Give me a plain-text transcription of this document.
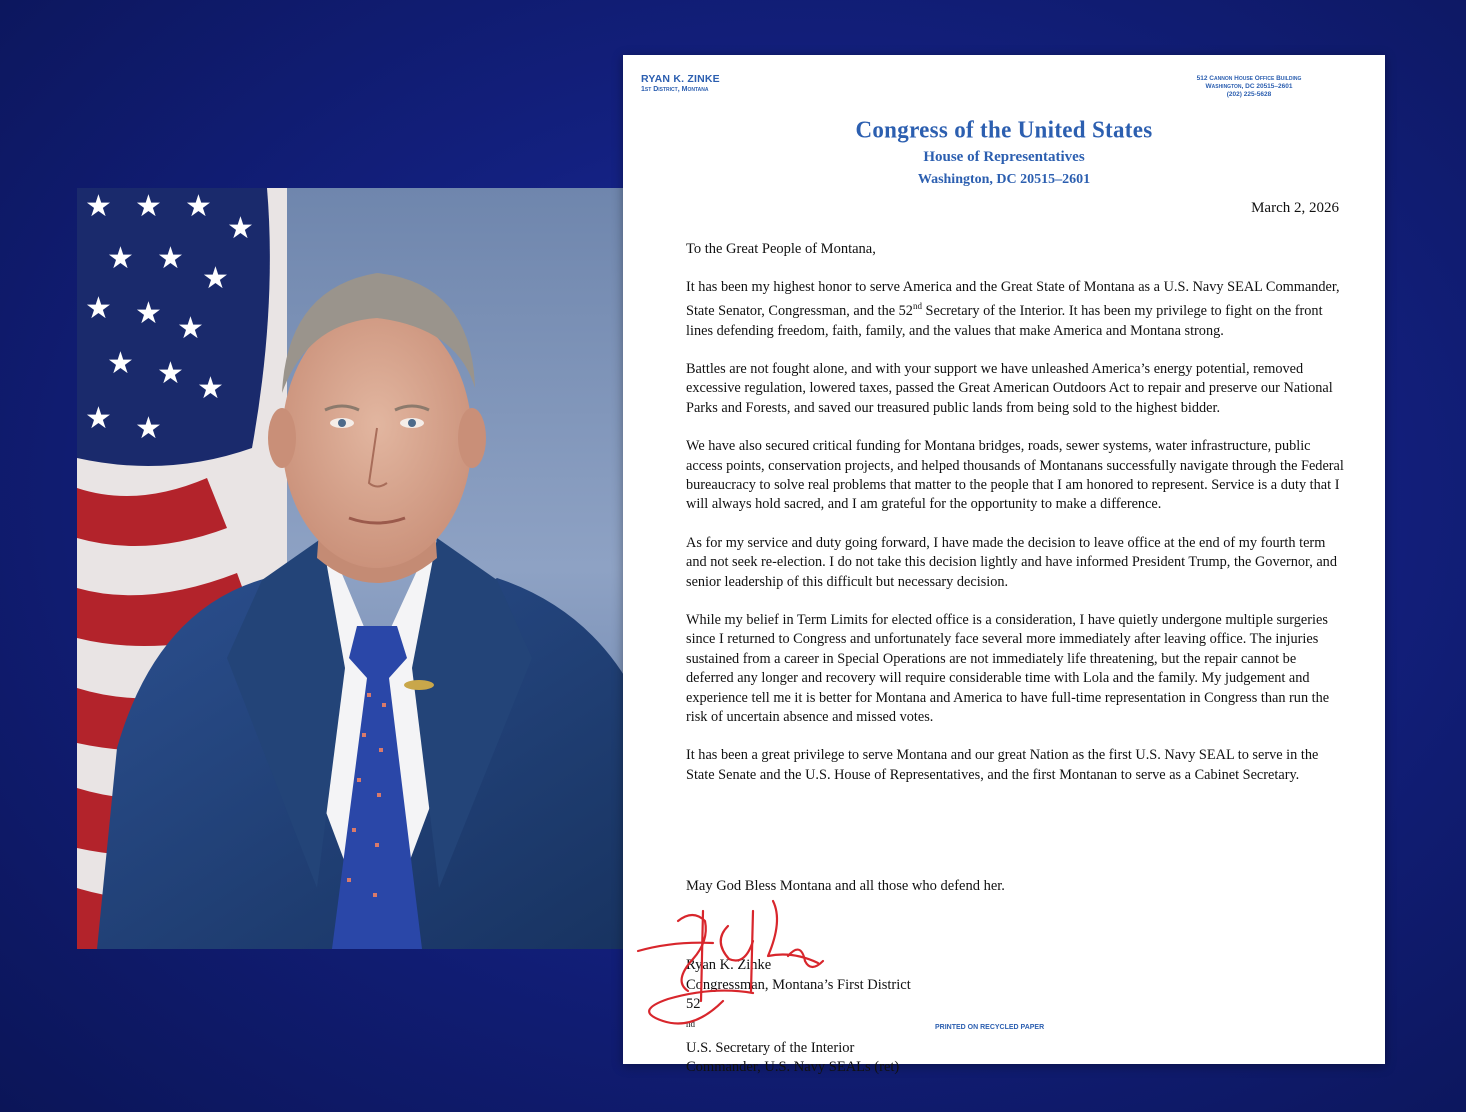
★ ★ ★
★
★ ★
★
★ ★ ★
★ ★ ★
★ ★
RYAN K. ZINKE
1st District, Montana
512 Cannon House Office Building
Washington, DC 20515–2601
(202) 225-5628
Congress of the United States
House of Representatives
Washington, DC 20515–2601
March 2, 2026
To the Great People of Montana,

It has been my highest honor to serve America and the Great State of Montana as a U.S. Navy SEAL Commander, State Senator, Congressman, and the 52nd Secretary of the Interior. It has been my privilege to fight on the front lines defending freedom, faith, family, and the values that make America and Montana strong.

Battles are not fought alone, and with your support we have unleashed America’s energy potential, removed excessive regulation, lowered taxes, passed the Great American Outdoors Act to repair and preserve our National Parks and Forests, and saved our treasured public lands from being sold to the highest bidder.

We have also secured critical funding for Montana bridges, roads, sewer systems, water infrastructure, public access points, conservation projects, and helped thousands of Montanans successfully navigate through the Federal bureaucracy to solve real problems that matter to the people that I am honored to represent. Service is a duty that I will always hold sacred, and I am grateful for the opportunity to make a difference.

As for my service and duty going forward, I have made the decision to leave office at the end of my fourth term and not seek re-election. I do not take this decision lightly and have informed President Trump, the Governor, and senior leadership of this difficult but necessary decision.

While my belief in Term Limits for elected office is a consideration, I have quietly undergone multiple surgeries since I returned to Congress and unfortunately face several more immediately after leaving office. The injuries sustained from a career in Special Operations are not immediately life threatening, but the repair cannot be deferred any longer and recovery will require considerable time with Lola and the family. My judgement and experience tell me it is better for Montana and America to have full-time representation in Congress than run the risk of uncertain absence and missed votes.

It has been a great privilege to serve Montana and our great Nation as the first U.S. Navy SEAL to serve in the State Senate and the U.S. House of Representatives, and the first Montanan to serve as a Cabinet Secretary.

May God Bless Montana and all those who defend her.
Ryan K. Zinke
Congressman, Montana’s First District
52
$^{nd}$
U.S. Secretary of the Interior
Commander, U.S. Navy SEALs (ret)
PRINTED ON RECYCLED PAPER
